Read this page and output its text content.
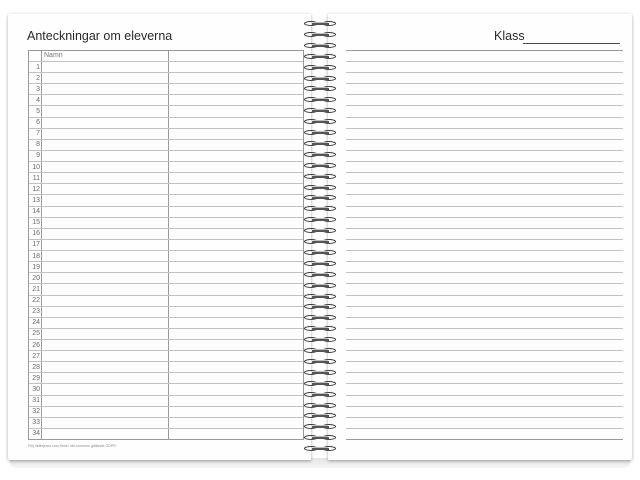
Anteckningar om eleverna
Namn
1
2
3
4
5
6
7
8
9
10
11
12
13
14
15
16
17
18
19
20
21
22
23
24
25
26
27
28
29
30
31
32
33
34
Följ riktlinjerna som finns i din kommun gällande GDPR
Klass
